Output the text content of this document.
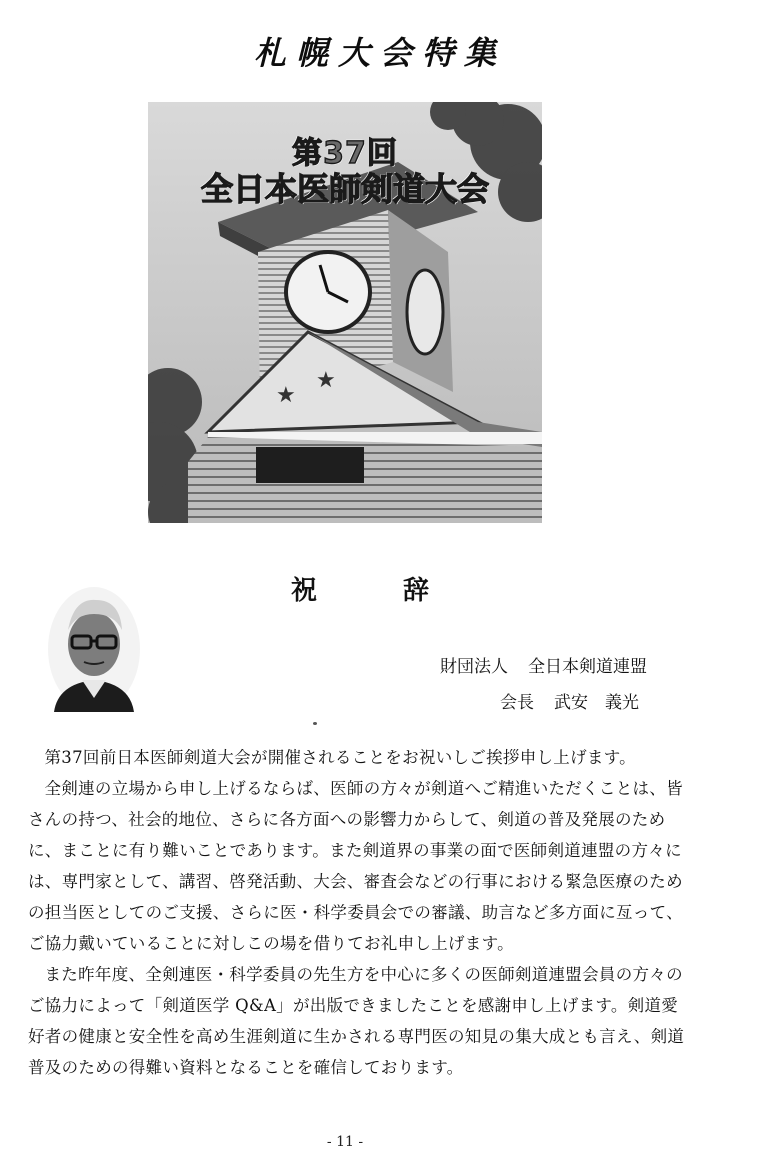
札幌大会特集
★
★
第37回
全日本医師剣道大会
祝　辞
財団法人 全日本剣道連盟
会長 武安　義光

第37回前日本医師剣道大会が開催されることをお祝いしご挨拶申し上げます。

全剣連の立場から申し上げるならば、医師の方々が剣道へご精進いただくことは、皆さんの持つ、社会的地位、さらに各方面への影響力からして、剣道の普及発展のために、まことに有り難いことであります。また剣道界の事業の面で医師剣道連盟の方々には、専門家として、講習、啓発活動、大会、審査会などの行事における緊急医療のための担当医としてのご支援、さらに医・科学委員会での審議、助言など多方面に亙って、ご協力戴いていることに対しこの場を借りてお礼申し上げます。

また昨年度、全剣連医・科学委員の先生方を中心に多くの医師剣道連盟会員の方々のご協力によって「剣道医学 Q&A」が出版できましたことを感謝申し上げます。剣道愛好者の健康と安全性を高め生涯剣道に生かされる専門医の知見の集大成とも言え、剣道普及のための得難い資料となることを確信しております。

- 11 -
